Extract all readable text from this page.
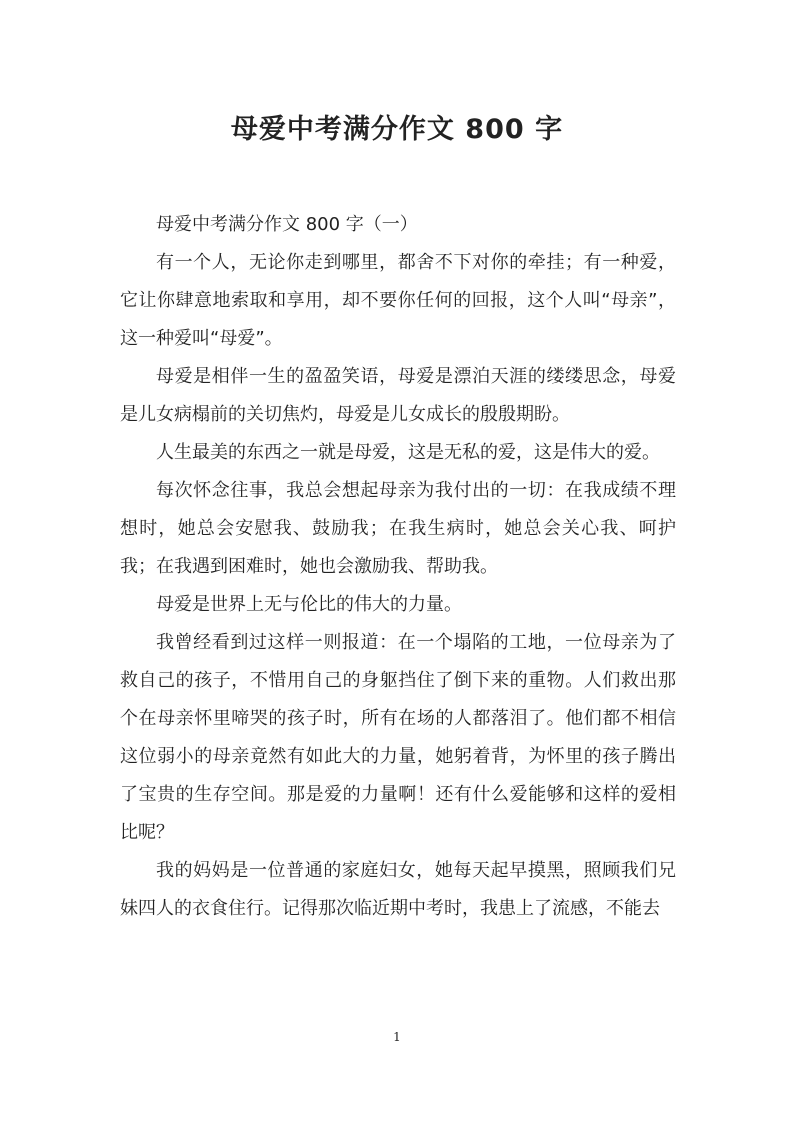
母爱中考满分作文 800 字

母爱中考满分作文 800 字（一）

有一个人，无论你走到哪里，都舍不下对你的牵挂；有一种爱，它让你肆意地索取和享用，却不要你任何的回报，这个人叫“母亲”，这一种爱叫“母爱”。

母爱是相伴一生的盈盈笑语，母爱是漂泊天涯的缕缕思念，母爱是儿女病榻前的关切焦灼，母爱是儿女成长的殷殷期盼。

人生最美的东西之一就是母爱，这是无私的爱，这是伟大的爱。

每次怀念往事，我总会想起母亲为我付出的一切：在我成绩不理想时，她总会安慰我、鼓励我；在我生病时，她总会关心我、呵护我；在我遇到困难时，她也会激励我、帮助我。

母爱是世界上无与伦比的伟大的力量。

我曾经看到过这样一则报道：在一个塌陷的工地，一位母亲为了救自己的孩子，不惜用自己的身躯挡住了倒下来的重物。人们救出那个在母亲怀里啼哭的孩子时，所有在场的人都落泪了。他们都不相信这位弱小的母亲竟然有如此大的力量，她躬着背，为怀里的孩子腾出了宝贵的生存空间。那是爱的力量啊！还有什么爱能够和这样的爱相比呢？

我的妈妈是一位普通的家庭妇女，她每天起早摸黑，照顾我们兄妹四人的衣食住行。记得那次临近期中考时，我患上了流感，不能去

1
